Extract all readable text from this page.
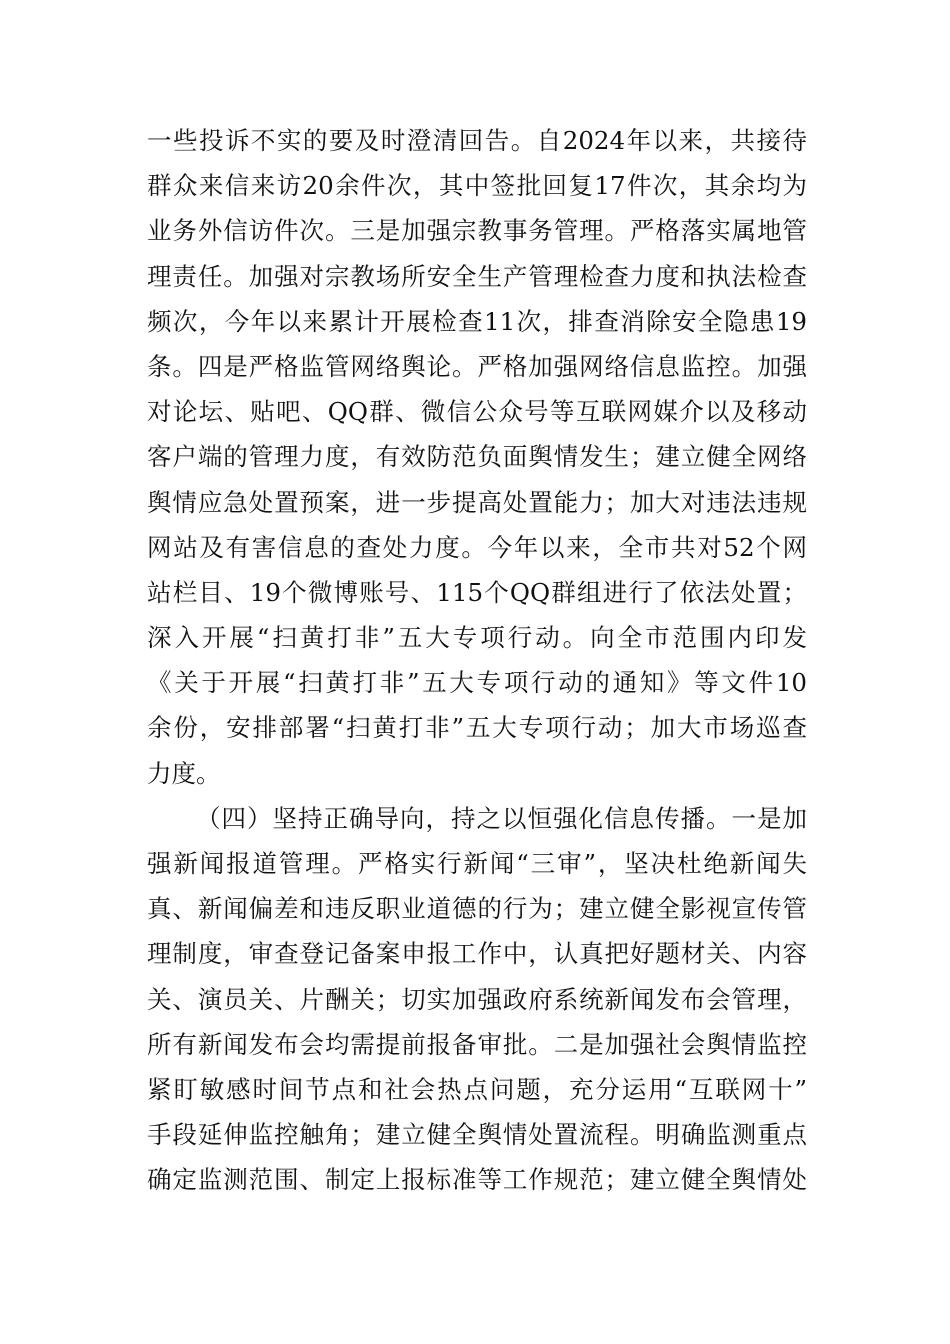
一些投诉不实的要及时澄清回告。自2024年以来，共接待
群众来信来访20余件次，其中签批回复17件次，其余均为
业务外信访件次。三是加强宗教事务管理。严格落实属地管
理责任。加强对宗教场所安全生产管理检查力度和执法检查
频次，今年以来累计开展检查11次，排查消除安全隐患19
条。四是严格监管网络舆论。严格加强网络信息监控。加强
对论坛、贴吧、QQ群、微信公众号等互联网媒介以及移动
客户端的管理力度，有效防范负面舆情发生；建立健全网络
舆情应急处置预案，进一步提高处置能力；加大对违法违规
网站及有害信息的查处力度。今年以来，全市共对52个网
站栏目、19个微博账号、115个QQ群组进行了依法处置；
深入开展“扫黄打非”五大专项行动。向全市范围内印发
《关于开展“扫黄打非”五大专项行动的通知》等文件10
余份，安排部署“扫黄打非”五大专项行动；加大市场巡查
力度。
（四）坚持正确导向，持之以恒强化信息传播。一是加
强新闻报道管理。严格实行新闻“三审”，坚决杜绝新闻失
真、新闻偏差和违反职业道德的行为；建立健全影视宣传管
理制度，审查登记备案申报工作中，认真把好题材关、内容
关、演员关、片酬关；切实加强政府系统新闻发布会管理，
所有新闻发布会均需提前报备审批。二是加强社会舆情监控
紧盯敏感时间节点和社会热点问题，充分运用“互联网十”
手段延伸监控触角；建立健全舆情处置流程。明确监测重点
确定监测范围、制定上报标准等工作规范；建立健全舆情处
